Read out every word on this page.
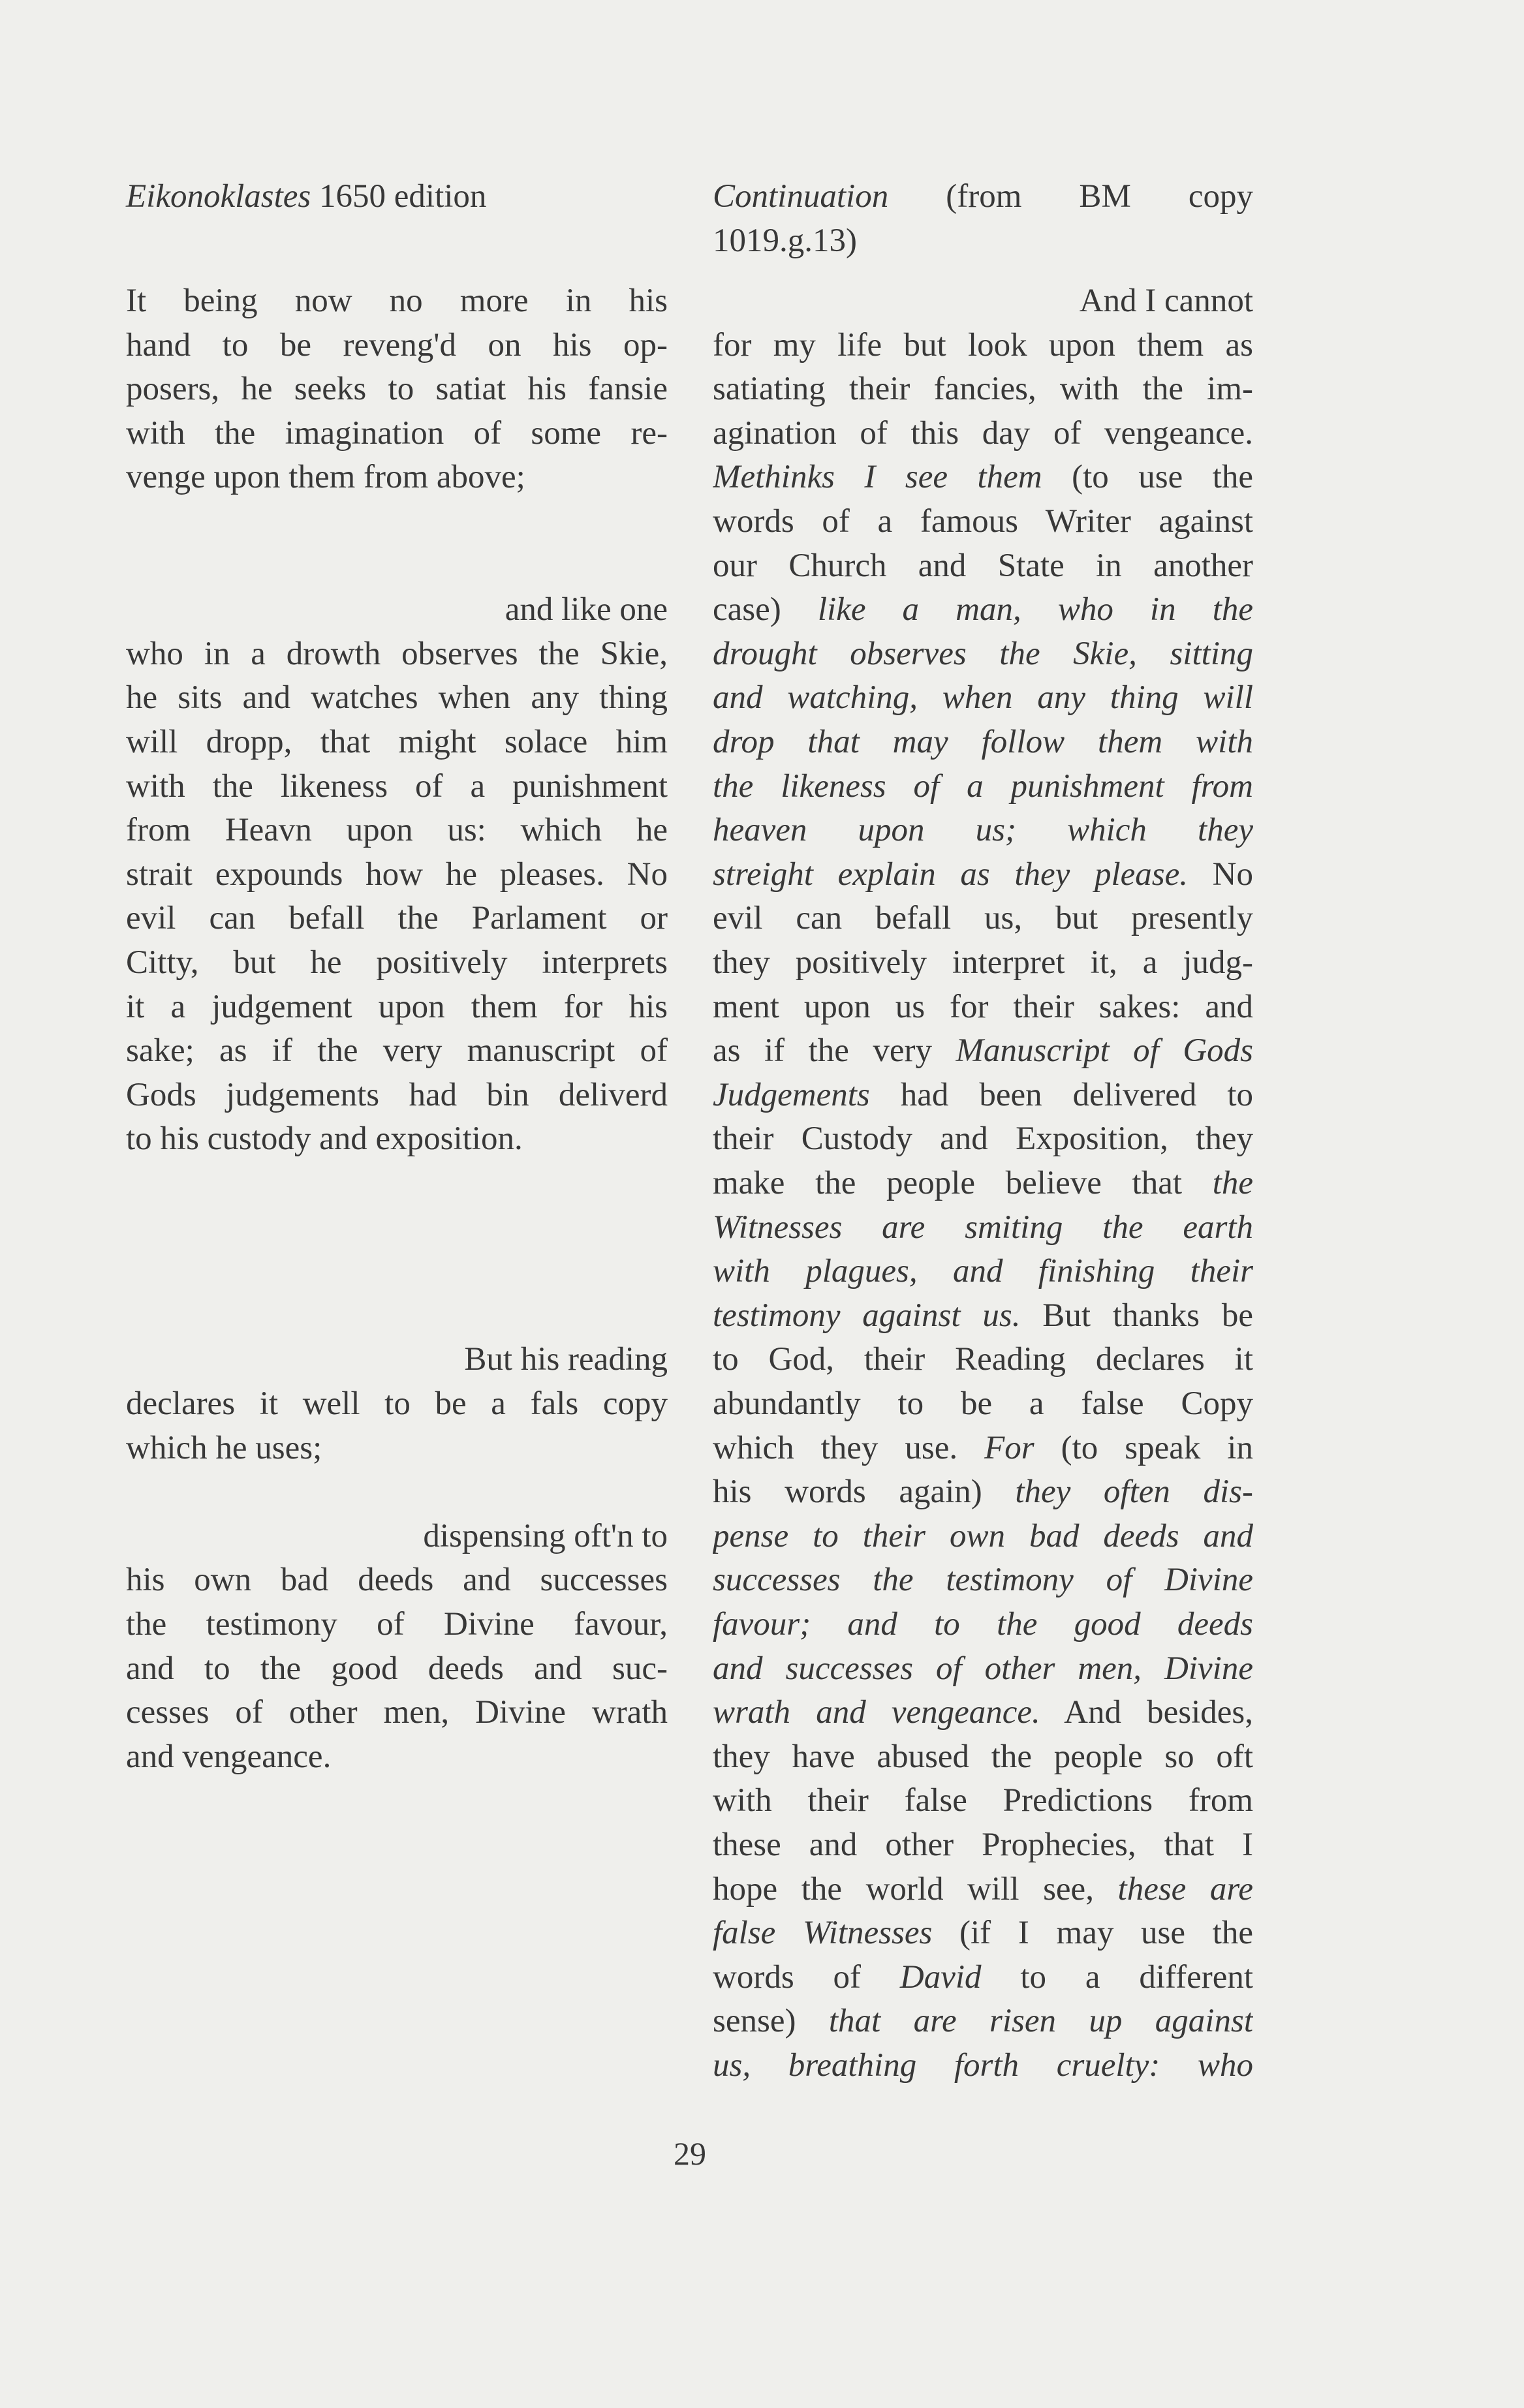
29
Eikonoklastes 1650 edition
It being now no more in his
hand to be reveng'd on his op-
posers, he seeks to satiat his fansie
with the imagination of some re-
venge upon them from above;
and like one
who in a drowth observes the Skie,
he sits and watches when any thing
will dropp, that might solace him
with the likeness of a punishment
from Heavn upon us: which he
strait expounds how he pleases. No
evil can befall the Parlament or
Citty, but he positively interprets
it a judgement upon them for his
sake; as if the very manuscript of
Gods judgements had bin deliverd
to his custody and exposition.
But his reading
declares it well to be a fals copy
which he uses;
dispensing oft'n to
his own bad deeds and successes
the testimony of Divine favour,
and to the good deeds and suc-
cesses of other men, Divine wrath
and vengeance.
Continuation (from BM copy
1019.g.13)
And I cannot
for my life but look upon them as
satiating their fancies, with the im-
agination of this day of vengeance.
Methinks I see them (to use the
words of a famous Writer against
our Church and State in another
case) like a man, who in the
drought observes the Skie, sitting
and watching, when any thing will
drop that may follow them with
the likeness of a punishment from
heaven upon us; which they
streight explain as they please. No
evil can befall us, but presently
they positively interpret it, a judg-
ment upon us for their sakes: and
as if the very Manuscript of Gods
Judgements had been delivered to
their Custody and Exposition, they
make the people believe that the
Witnesses are smiting the earth
with plagues, and finishing their
testimony against us. But thanks be
to God, their Reading declares it
abundantly to be a false Copy
which they use. For (to speak in
his words again) they often dis-
pense to their own bad deeds and
successes the testimony of Divine
favour; and to the good deeds
and successes of other men, Divine
wrath and vengeance. And besides,
they have abused the people so oft
with their false Predictions from
these and other Prophecies, that I
hope the world will see, these are
false Witnesses (if I may use the
words of David to a different
sense) that are risen up against
us, breathing forth cruelty: who
